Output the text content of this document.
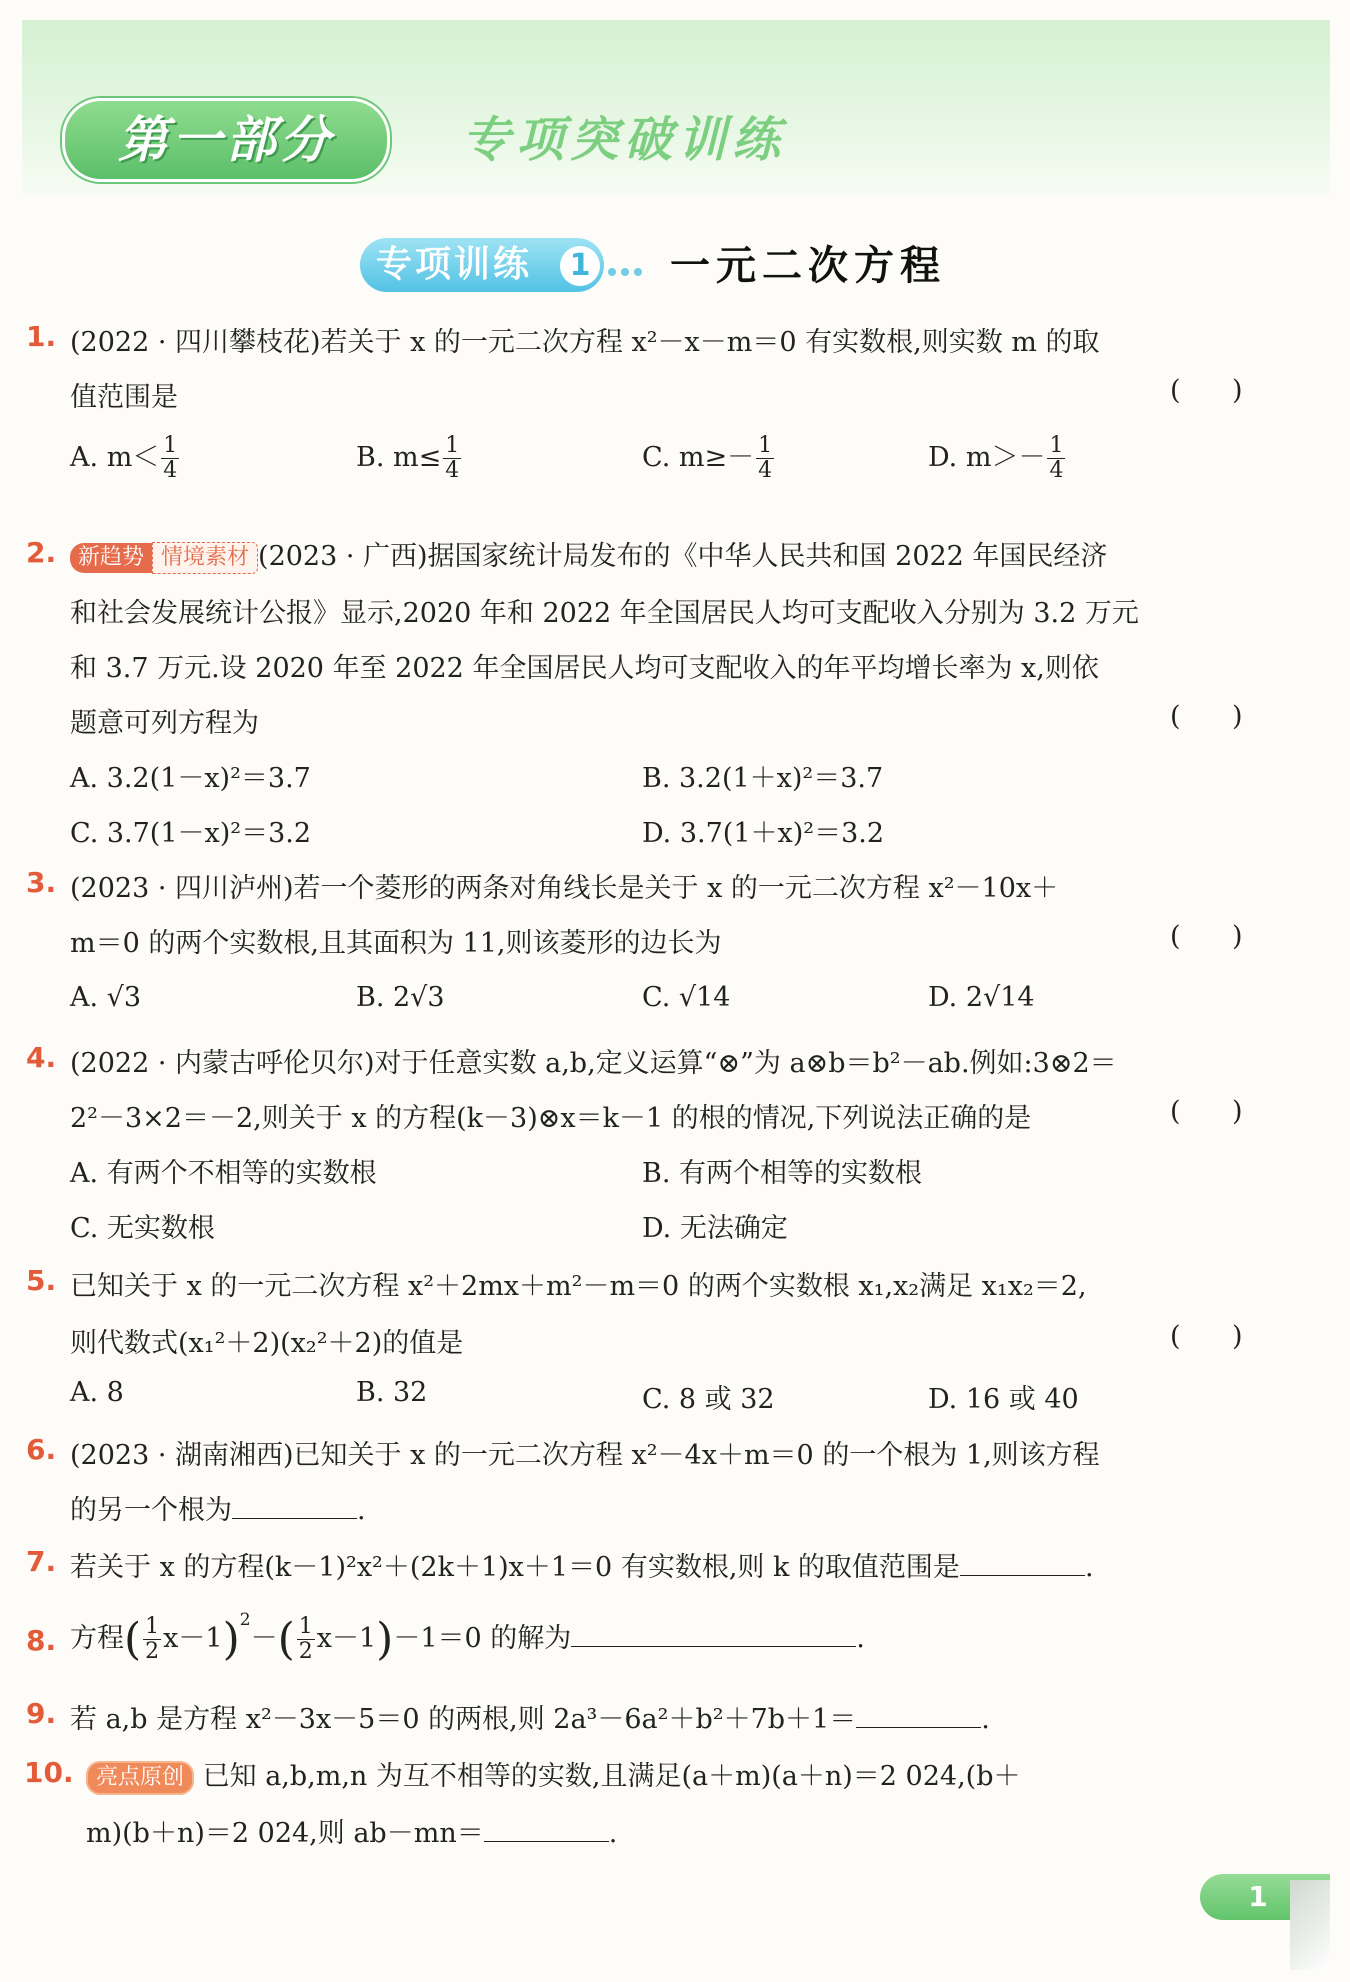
第一部分	专项突破训练
专项训练	1 一元二次方程
1. (2022 · 四川攀枝花)若关于 x 的一元二次方程 x²－x－m＝0 有实数根,则实数 m 的取
值范围是	(      )
A. $m< \frac{1}{4}$	B. $m\le \frac{1}{4}$	C. $m\ge- \frac{1}{4}$	D. $m>- \frac{1}{4}$
2. 新趋势 情境素材 (2023 · 广西)据国家统计局发布的《中华人民共和国 2022 年国民经济
和社会发展统计公报》显示,2020 年和 2022 年全国居民人均可支配收入分别为 3.2 万元
和 3.7 万元.设 2020 年至 2022 年全国居民人均可支配收入的年平均增长率为 x,则依
题意可列方程为	(      )
A. 3.2(1－x)²＝3.7	B. 3.2(1＋x)²＝3.7
C. 3.7(1－x)²＝3.2	D. 3.7(1＋x)²＝3.2
3. (2023 · 四川泸州)若一个菱形的两条对角线长是关于 x 的一元二次方程 x²－10x＋
m＝0 的两个实数根,且其面积为 11,则该菱形的边长为	(      )
A. √3	B. 2√3	C. √14	D. 2√14
4. (2022 · 内蒙古呼伦贝尔)对于任意实数 a,b,定义运算“⊗”为 a⊗b＝b²－ab.例如:3⊗2＝
2²－3×2＝－2,则关于 x 的方程(k－3)⊗x＝k－1 的根的情况,下列说法正确的是	(      )
A. 有两个不相等的实数根	B. 有两个相等的实数根
C. 无实数根	D. 无法确定
5. 已知关于 x 的一元二次方程 x²＋2mx＋m²－m＝0 的两个实数根 x₁,x₂满足 x₁x₂＝2,
则代数式(x₁²＋2)(x₂²＋2)的值是	(      )
A. 8	B. 32	C. 8 或 32	D. 16 或 40
6. (2023 · 湖南湘西)已知关于 x 的一元二次方程 x²－4x＋m＝0 的一个根为 1,则该方程
的另一个根为	.
7. 若关于 x 的方程(k－1)²x²＋(2k＋1)x＋1＝0 有实数根,则 k 的取值范围是	.
8. 方程( $\frac{1}{2} x-1)^2-( \frac{1}{2} x-1)-1=0$ 的解为	.
9. 若 a,b 是方程 x²－3x－5＝0 的两根,则 2a³－6a²＋b²＋7b＋1＝	.
10.	亮点原创 已知 a,b,m,n 为互不相等的实数,且满足(a＋m)(a＋n)＝2 024,(b＋
m)(b＋n)＝2 024,则 ab－mn＝	.
1
